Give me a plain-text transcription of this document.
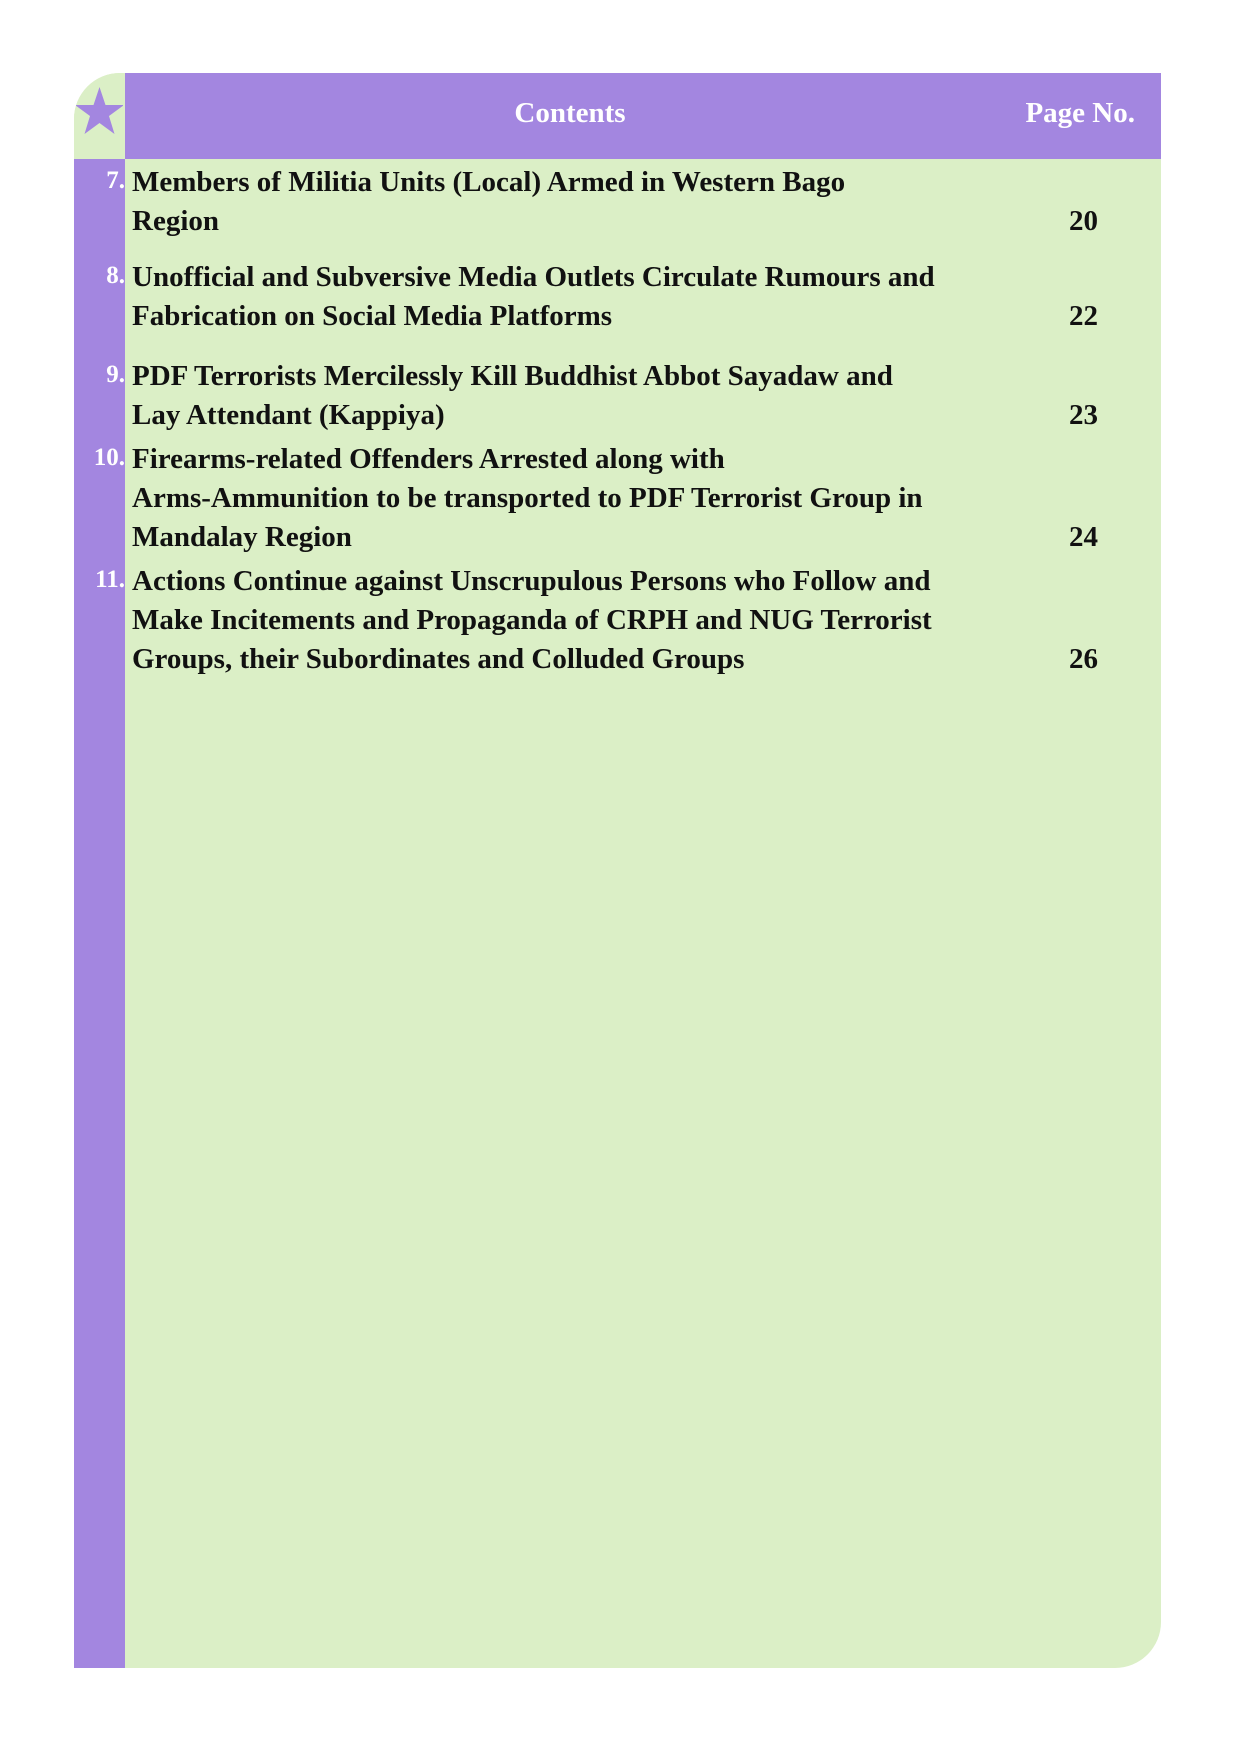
Contents	Page No.
7. Members of Militia Units (Local) Armed in Western Bago
Region	20
8. Unofficial and Subversive Media Outlets Circulate Rumours and
Fabrication on Social Media Platforms	22
9. PDF Terrorists Mercilessly Kill Buddhist Abbot Sayadaw and
Lay Attendant (Kappiya)	23
10. Firearms-related Offenders Arrested along with
Arms-Ammunition to be transported to PDF Terrorist Group in
Mandalay Region	24
11. Actions Continue against Unscrupulous Persons who Follow and
Make Incitements and Propaganda of CRPH and NUG Terrorist
Groups, their Subordinates and Colluded Groups	26
